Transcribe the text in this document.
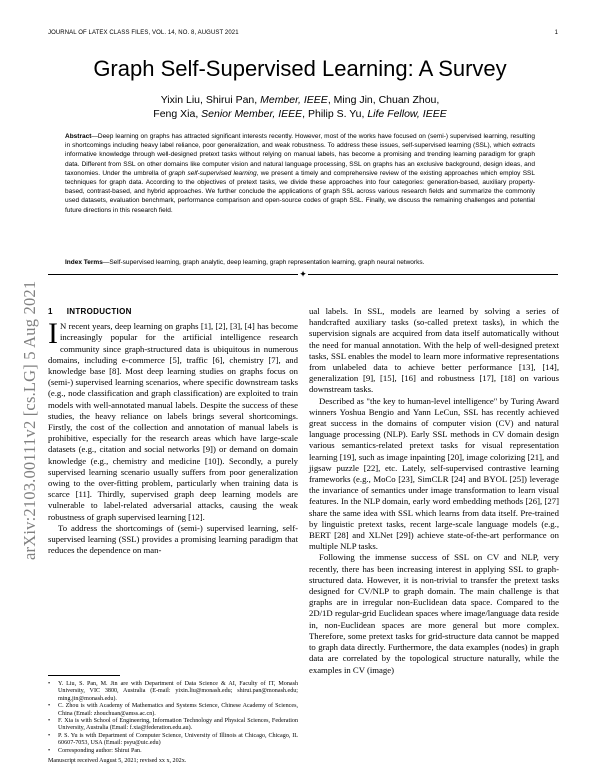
JOURNAL OF LATEX CLASS FILES, VOL. 14, NO. 8, AUGUST 2021	1
arXiv:2103.00111v2 [cs.LG] 5 Aug 2021
Graph Self-Supervised Learning: A Survey
Yixin Liu, Shirui Pan, Member, IEEE, Ming Jin, Chuan Zhou,
Feng Xia, Senior Member, IEEE, Philip S. Yu, Life Fellow, IEEE
Abstract—Deep learning on graphs has attracted significant interests recently. However, most of the works have focused on (semi-) supervised learning, resulting in shortcomings including heavy label reliance, poor generalization, and weak robustness. To address these issues, self-supervised learning (SSL), which extracts informative knowledge through well-designed pretext tasks without relying on manual labels, has become a promising and trending learning paradigm for graph data. Different from SSL on other domains like computer vision and natural language processing, SSL on graphs has an exclusive background, design ideas, and taxonomies. Under the umbrella of graph self-supervised learning, we present a timely and comprehensive review of the existing approaches which employ SSL techniques for graph data. According to the objectives of pretext tasks, we divide these approaches into four categories: generation-based, auxiliary property-based, contrast-based, and hybrid approaches. We further conclude the applications of graph SSL across various research fields and summarize the commonly used datasets, evaluation benchmark, performance comparison and open-source codes of graph SSL. Finally, we discuss the remaining challenges and potential future directions in this research field.
Index Terms—Self-supervised learning, graph analytic, deep learning, graph representation learning, graph neural networks.
✦
1 INTRODUCTION

I N recent years, deep learning on graphs [1], [2], [3], [4] has become increasingly popular for the artificial intelligence research community since graph-structured data is ubiquitous in numerous domains, including e-commerce [5], traffic [6], chemistry [7], and knowledge base [8]. Most deep learning studies on graphs focus on (semi-) supervised learning scenarios, where specific downstream tasks (e.g., node classification and graph classification) are exploited to train models with well-annotated manual labels. Despite the success of these studies, the heavy reliance on labels brings several shortcomings. Firstly, the cost of the collection and annotation of manual labels is prohibitive, especially for the research areas which have large-scale datasets (e.g., citation and social networks [9]) or demand on domain knowledge (e.g., chemistry and medicine [10]). Secondly, a purely supervised learning scenario usually suffers from poor generalization owing to the over-fitting problem, particularly when training data is scarce [11]. Thirdly, supervised graph deep learning models are vulnerable to label-related adversarial attacks, causing the weak robustness of graph supervised learning [12].

To address the shortcomings of (semi-) supervised learning, self-supervised learning (SSL) provides a promising learning paradigm that reduces the dependence on man-

• Y. Liu, S. Pan, M. Jin are with Department of Data Science & AI, Faculty of IT, Monash University, VIC 3800, Australia (E-mail: yixin.liu@monash.edu; shirui.pan@monash.edu; ming.jin@monash.edu).
• C. Zhou is with Academy of Mathematics and Systems Science, Chinese Academy of Sciences, China (Email: zhouchuan@amss.ac.cn).
• F. Xia is with School of Engineering, Information Technology and Physical Sciences, Federation University, Australia (Email: f.xia@federation.edu.au).
• P. S. Yu is with Department of Computer Science, University of Illinois at Chicago, Chicago, IL 60607-7053, USA (Email: psyu@uic.edu)
• Corresponding author: Shirui Pan.
Manuscript received August 5, 2021; revised xx x, 202x.

ual labels. In SSL, models are learned by solving a series of handcrafted auxiliary tasks (so-called pretext tasks), in which the supervision signals are acquired from data itself automatically without the need for manual annotation. With the help of well-designed pretext tasks, SSL enables the model to learn more informative representations from unlabeled data to achieve better performance [13], [14], generalization [9], [15], [16] and robustness [17], [18] on various downstream tasks.

Described as "the key to human-level intelligence" by Turing Award winners Yoshua Bengio and Yann LeCun, SSL has recently achieved great success in the domains of computer vision (CV) and natural language processing (NLP). Early SSL methods in CV domain design various semantics-related pretext tasks for visual representation learning [19], such as image inpainting [20], image colorizing [21], and jigsaw puzzle [22], etc. Lately, self-supervised contrastive learning frameworks (e.g., MoCo [23], SimCLR [24] and BYOL [25]) leverage the invariance of semantics under image transformation to learn visual features. In the NLP domain, early word embedding methods [26], [27] share the same idea with SSL which learns from data itself. Pre-trained by linguistic pretext tasks, recent large-scale language models (e.g., BERT [28] and XLNet [29]) achieve state-of-the-art performance on multiple NLP tasks.

Following the immense success of SSL on CV and NLP, very recently, there has been increasing interest in applying SSL to graph-structured data. However, it is non-trivial to transfer the pretext tasks designed for CV/NLP to graph domain. The main challenge is that graphs are in irregular non-Euclidean data space. Compared to the 2D/1D regular-grid Euclidean spaces where image/language data reside in, non-Euclidean spaces are more general but more complex. Therefore, some pretext tasks for grid-structure data cannot be mapped to graph data directly. Furthermore, the data examples (nodes) in graph data are correlated by the topological structure naturally, while the examples in CV (image)
